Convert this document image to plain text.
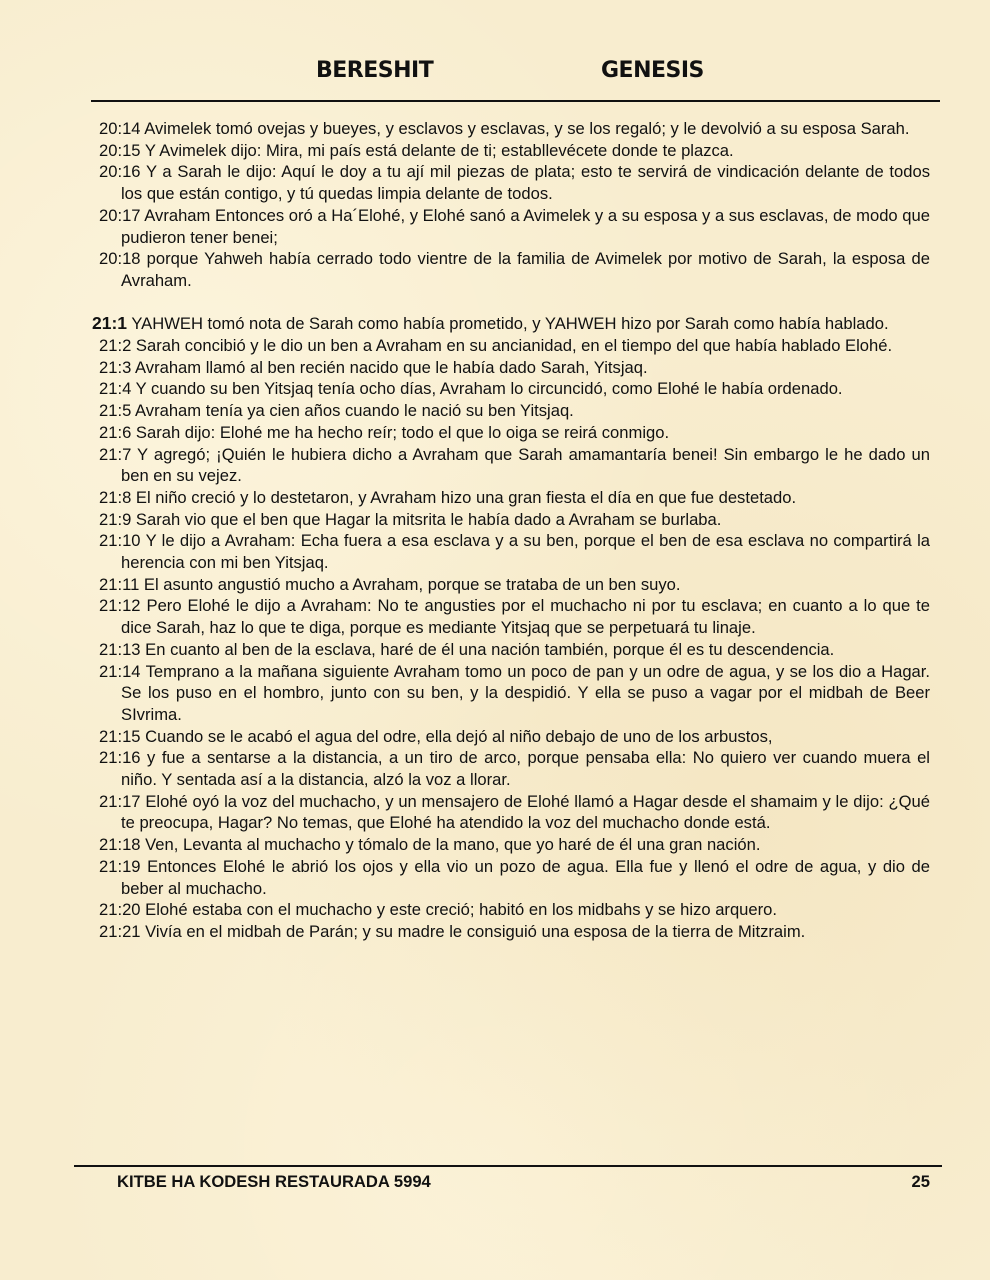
BERESHIT	GENESIS

20:14 Avimelek tomó ovejas y bueyes, y esclavos y esclavas, y se los regaló; y le devolvió a su esposa Sarah.

20:15 Y Avimelek dijo: Mira, mi país está delante de ti; establlevécete donde te plazca.

20:16 Y a Sarah le dijo: Aquí le doy a tu ají mil piezas de plata; esto te servirá de vindicación delante de todos los que están contigo, y tú quedas limpia delante de todos.

20:17 Avraham Entonces oró a Ha´Elohé, y Elohé sanó a Avimelek y a su esposa y a sus esclavas, de modo que pudieron tener benei;

20:18 porque Yahweh había cerrado todo vientre de la familia de Avimelek por motivo de Sarah, la esposa de Avraham.

21:1 YAHWEH tomó nota de Sarah como había prometido, y YAHWEH hizo por Sarah como había hablado.

21:2 Sarah concibió y le dio un ben a Avraham en su ancianidad, en el tiempo del que había hablado Elohé.

21:3 Avraham llamó al ben recién nacido que le había dado Sarah, Yitsjaq.

21:4 Y cuando su ben Yitsjaq tenía ocho días, Avraham lo circuncidó, como Elohé le había ordenado.

21:5 Avraham tenía ya cien años cuando le nació su ben Yitsjaq.

21:6 Sarah dijo: Elohé me ha hecho reír; todo el que lo oiga se reirá conmigo.

21:7 Y agregó; ¡Quién le hubiera dicho a Avraham que Sarah amamantaría benei! Sin embargo le he dado un ben en su vejez.

21:8 El niño creció y lo destetaron, y Avraham hizo una gran fiesta el día en que fue destetado.

21:9 Sarah vio que el ben que Hagar la mitsrita le había dado a Avraham se burlaba.

21:10 Y le dijo a Avraham: Echa fuera a esa esclava y a su ben, porque el ben de esa esclava no compartirá la herencia con mi ben Yitsjaq.

21:11 El asunto angustió mucho a Avraham, porque se trataba de un ben suyo.

21:12 Pero Elohé le dijo a Avraham: No te angusties por el muchacho ni por tu esclava; en cuanto a lo que te dice Sarah, haz lo que te diga, porque es mediante Yitsjaq que se perpetuará tu linaje.

21:13 En cuanto al ben de la esclava, haré de él una nación también, porque él es tu descendencia.

21:14 Temprano a la mañana siguiente Avraham tomo un poco de pan y un odre de agua, y se los dio a Hagar. Se los puso en el hombro, junto con su ben, y la despidió. Y ella se puso a vagar por el midbah de Beer SIvrima.

21:15 Cuando se le acabó el agua del odre, ella dejó al niño debajo de uno de los arbustos,

21:16 y fue a sentarse a la distancia, a un tiro de arco, porque pensaba ella: No quiero ver cuando muera el niño. Y sentada así a la distancia, alzó la voz a llorar.

21:17 Elohé oyó la voz del muchacho, y un mensajero de Elohé llamó a Hagar desde el shamaim y le dijo: ¿Qué te preocupa, Hagar? No temas, que Elohé ha atendido la voz del muchacho donde está.

21:18 Ven, Levanta al muchacho y tómalo de la mano, que yo haré de él una gran nación.

21:19 Entonces Elohé le abrió los ojos y ella vio un pozo de agua. Ella fue y llenó el odre de agua, y dio de beber al muchacho.

21:20 Elohé estaba con el muchacho y este creció; habitó en los midbahs y se hizo arquero.

21:21 Vivía en el midbah de Parán; y su madre le consiguió una esposa de la tierra de Mitzraim.

KITBE HA KODESH RESTAURADA 5994	25
